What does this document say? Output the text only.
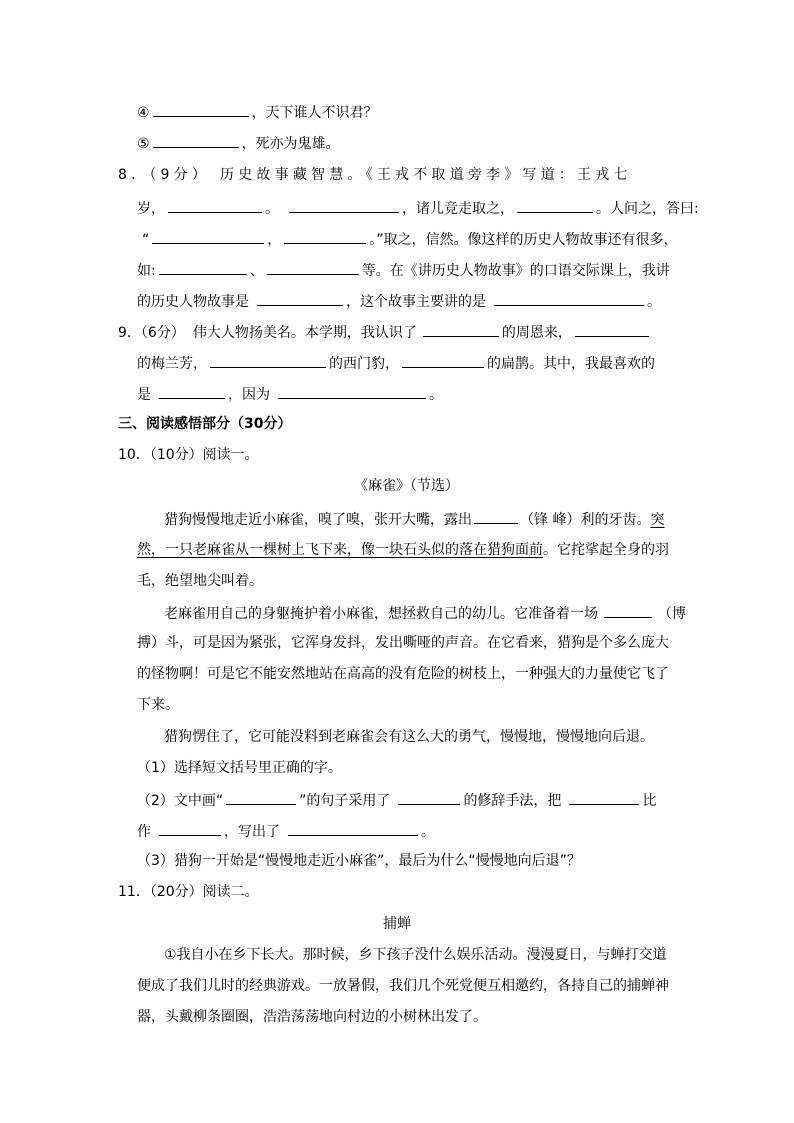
④	，天下谁人不识君？
⑤	，死亦为鬼雄。
8．（9分） 历史故事藏智慧。《王戎不取道旁李》写道：王戎七
岁，	。	，诸儿竞走取之，	。人问之，答曰:
“	，	。”取之，信然。像这样的历史人物故事还有很多，
如:	、	等。在《讲历史人物故事》的口语交际课上，我讲
的历史人物故事是	，这个故事主要讲的是	。
9．（6分） 伟大人物扬美名。本学期，我认识了	的周恩来，
的梅兰芳，	的西门豹，	的扁鹊。其中，我最喜欢的
是	，因为	。
三、阅读感悟部分（30分）
10．（10分）阅读一。
《麻雀》（节选）
猎狗慢慢地走近小麻雀，嗅了嗅，张开大嘴，露出	（锋 峰）利的牙齿。突
然，一只老麻雀从一棵树上飞下来，像一块石头似的落在猎狗面前。它挓挲起全身的羽
毛，绝望地尖叫着。
老麻雀用自己的身躯掩护着小麻雀，想拯救自己的幼儿。它准备着一场	（博
搏）斗，可是因为紧张，它浑身发抖，发出嘶哑的声音。在它看来，猎狗是个多么庞大
的怪物啊！可是它不能安然地站在高高的没有危险的树枝上，一种强大的力量使它飞了
下来。
猎狗愣住了，它可能没料到老麻雀会有这么大的勇气，慢慢地，慢慢地向后退。
（1）选择短文括号里正确的字。
（2）文中画“	”的句子采用了	的修辞手法，把	比
作	，写出了	。
（3）猎狗一开始是“慢慢地走近小麻雀”，最后为什么“慢慢地向后退”？
11．（20分）阅读二。
捕蝉
①我自小在乡下长大。那时候，乡下孩子没什么娱乐活动。漫漫夏日，与蝉打交道
便成了我们儿时的经典游戏。一放暑假，我们几个死党便互相邀约，各持自己的捕蝉神
器，头戴柳条圈圈，浩浩荡荡地向村边的小树林出发了。
